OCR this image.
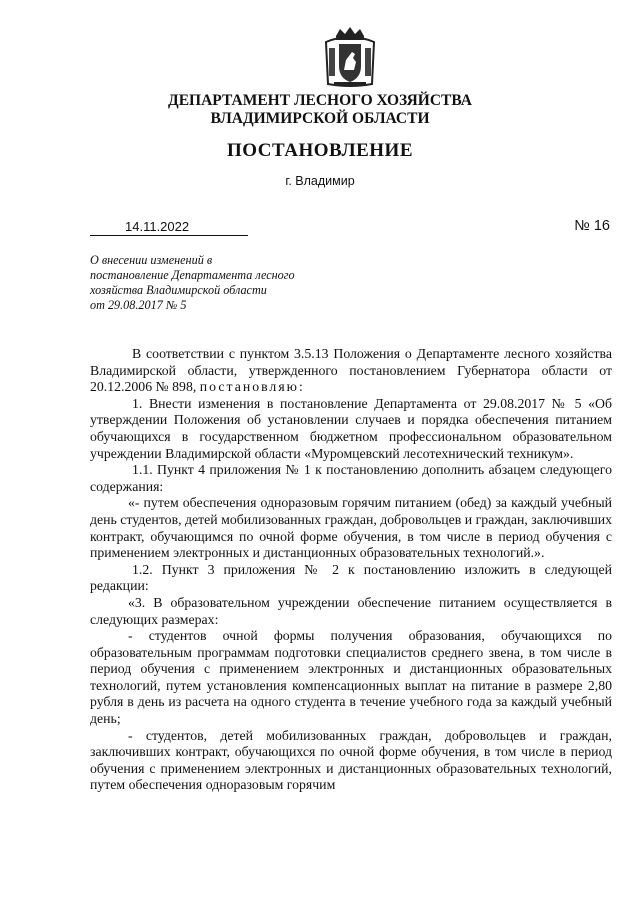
ДЕПАРТАМЕНТ ЛЕСНОГО ХОЗЯЙСТВА
ВЛАДИМИРСКОЙ ОБЛАСТИ
ПОСТАНОВЛЕНИЕ
г. Владимир
14.11.2022	№ 16
О внесении изменений в
постановление Департамента лесного
хозяйства Владимирской области
от 29.08.2017 № 5

В соответствии с пунктом 3.5.13 Положения о Департаменте лесного хозяйства Владимирской области, утвержденного постановлением Губернатора области от 20.12.2006 № 898, постановляю:

1. Внести изменения в постановление Департамента от 29.08.2017 № 5 «Об утверждении Положения об установлении случаев и порядка обеспечения питанием обучающихся в государственном бюджетном профессиональном образовательном учреждении Владимирской области «Муромцевский лесотехнический техникум».

1.1. Пункт 4 приложения № 1 к постановлению дополнить абзацем следующего содержания:

«- путем обеспечения одноразовым горячим питанием (обед) за каждый учебный день студентов, детей мобилизованных граждан, добровольцев и граждан, заключивших контракт, обучающимся по очной форме обучения, в том числе в период обучения с применением электронных и дистанционных образовательных технологий.».

1.2. Пункт 3 приложения № 2 к постановлению изложить в следующей редакции:

«3. В образовательном учреждении обеспечение питанием осуществляется в следующих размерах:

- студентов очной формы получения образования, обучающихся по образовательным программам подготовки специалистов среднего звена, в том числе в период обучения с применением электронных и дистанционных образовательных технологий, путем установления компенсационных выплат на питание в размере 2,80 рубля в день из расчета на одного студента в течение учебного года за каждый учебный день;

- студентов, детей мобилизованных граждан, добровольцев и граждан, заключивших контракт, обучающихся по очной форме обучения, в том числе в период обучения с применением электронных и дистанционных образовательных технологий, путем обеспечения одноразовым горячим
